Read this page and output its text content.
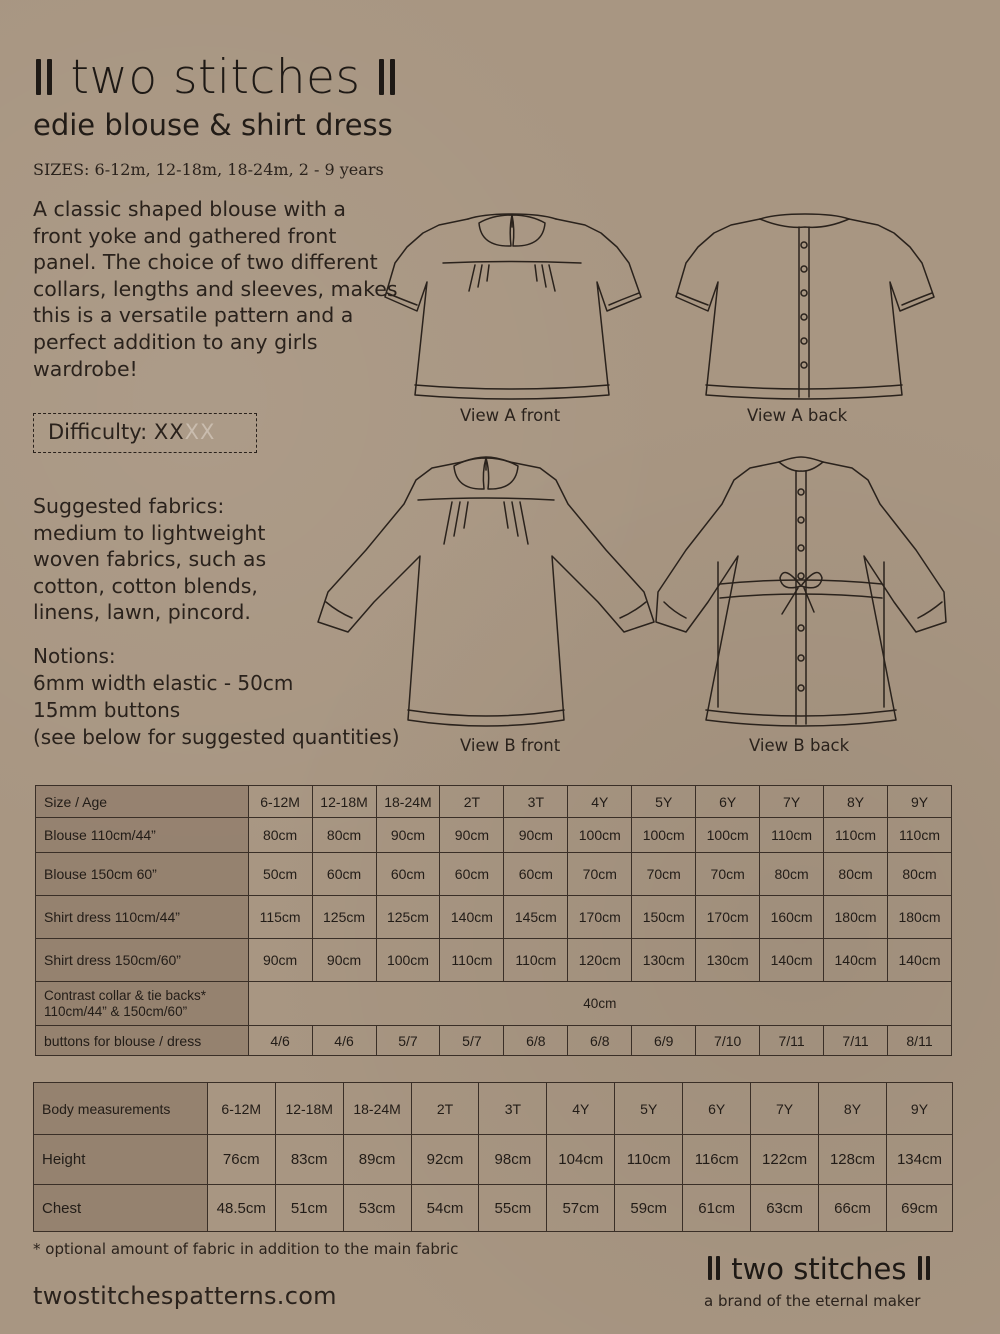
two stitches
edie blouse & shirt dress
SIZES: 6-12m, 12-18m, 18-24m, 2 - 9 years
A classic shaped blouse with a front yoke and gathered front panel. The choice of two different collars, lengths and sleeves, makes this is a versatile pattern and a perfect addition to any girls wardrobe!
Difficulty: XXXX
Suggested fabrics:
medium to lightweight
woven fabrics, such as
cotton, cotton blends,
linens, lawn, pincord.
Notions:
6mm width elastic - 50cm
15mm buttons
(see below for suggested quantities)
View A front	View A back
View B front	View B back
Size / Age	6-12M	12-18M	18-24M	2T	3T	4Y	5Y	6Y	7Y	8Y	9Y
Blouse 110cm/44”	80cm	80cm	90cm	90cm	90cm	100cm	100cm	100cm	110cm	110cm	110cm
Blouse 150cm 60”	50cm	60cm	60cm	60cm	60cm	70cm	70cm	70cm	80cm	80cm	80cm
Shirt dress 110cm/44”	115cm	125cm	125cm	140cm	145cm	170cm	150cm	170cm	160cm	180cm	180cm
Shirt dress 150cm/60”	90cm	90cm	100cm	110cm	110cm	120cm	130cm	130cm	140cm	140cm	140cm

Contrast collar & tie backs*
110cm/44” & 150cm/60”	40cm										
buttons for blouse / dress	4/6	4/6	5/7	5/7	6/8	6/8	6/9	7/10	7/11	7/11	8/11
Body measurements	6-12M	12-18M	18-24M	2T	3T	4Y	5Y	6Y	7Y	8Y	9Y
Height	76cm	83cm	89cm	92cm	98cm	104cm	110cm	116cm	122cm	128cm	134cm
Chest	48.5cm	51cm	53cm	54cm	55cm	57cm	59cm	61cm	63cm	66cm	69cm
* optional amount of fabric in addition to the main fabric
twostitchespatterns.com
two stitches
a brand of the eternal maker
